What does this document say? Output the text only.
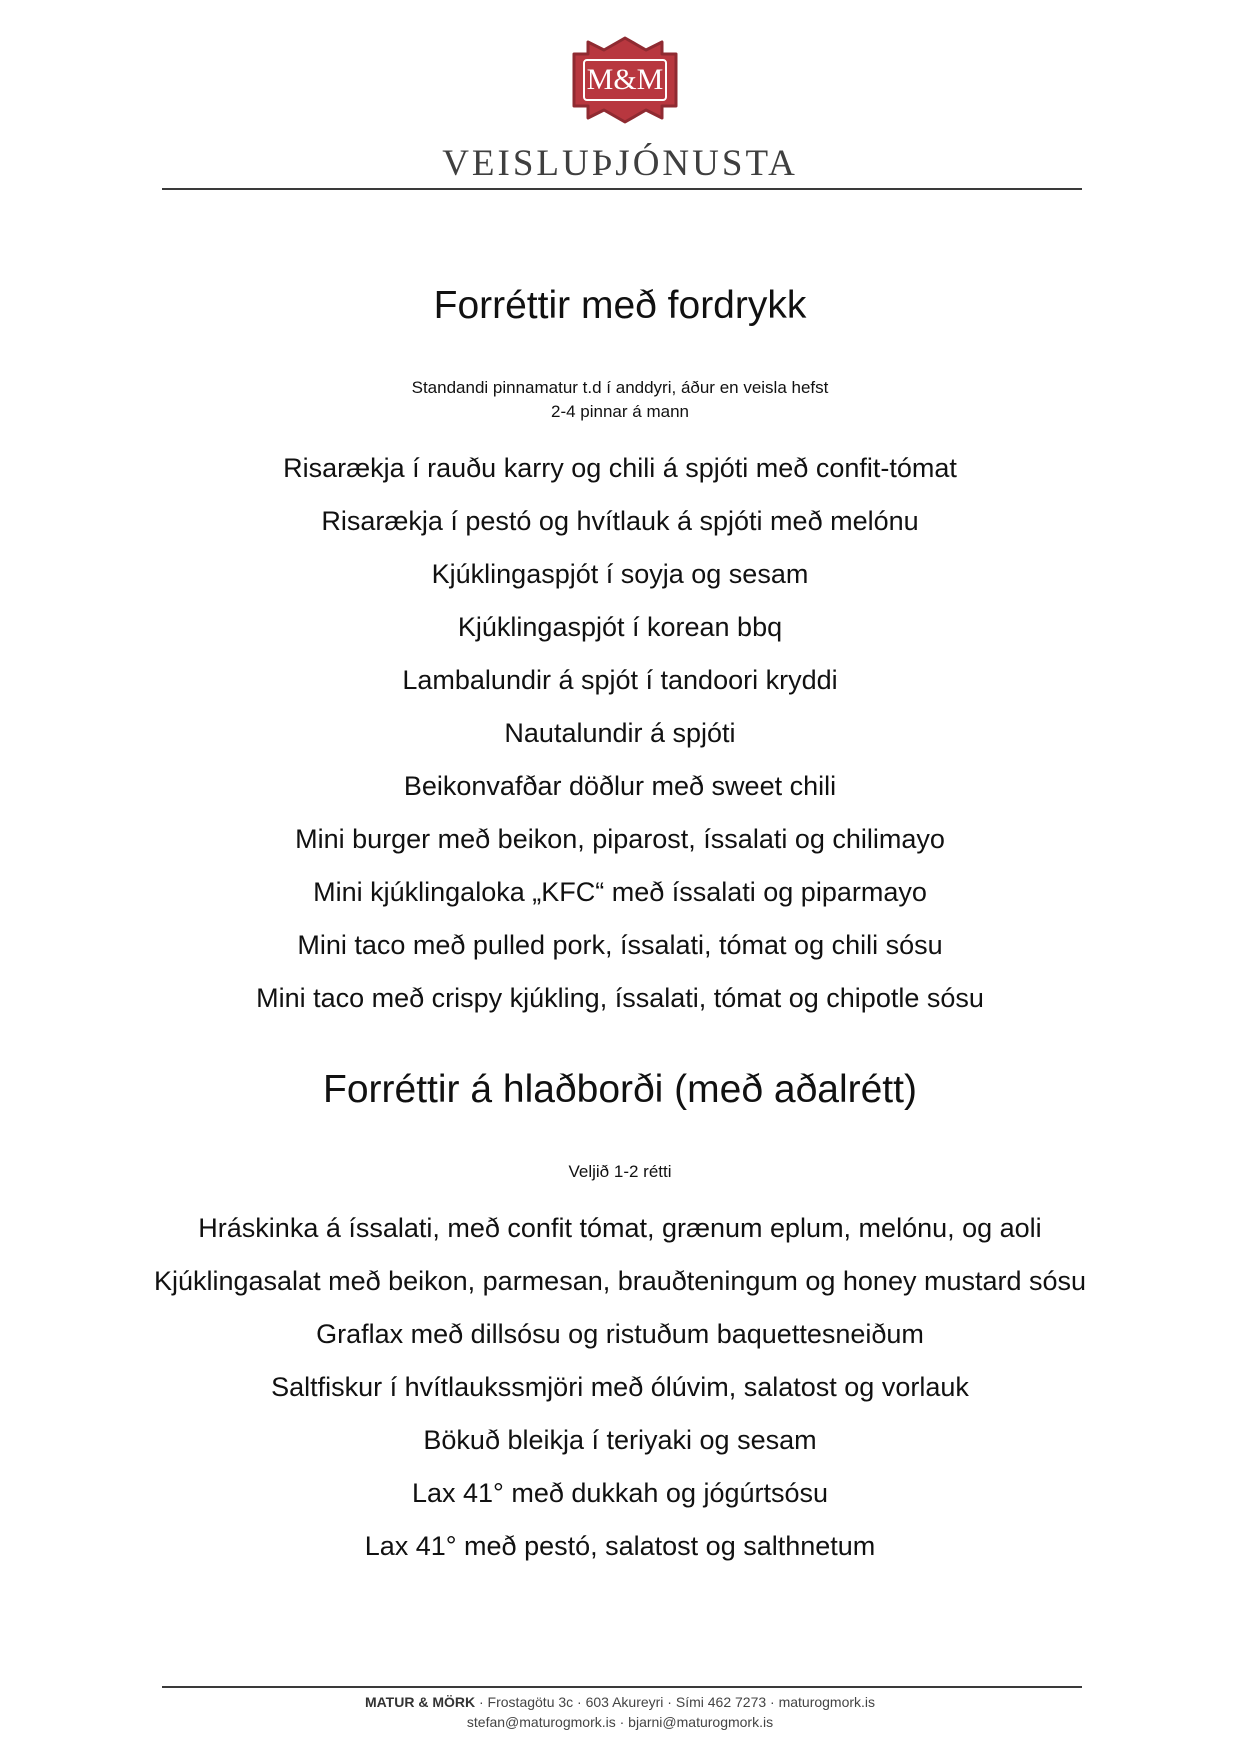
M&M
VEISLUÞJÓNUSTA
Forréttir með fordrykk
Standandi pinnamatur t.d í anddyri, áður en veisla hefst
2-4 pinnar á mann
Risarækja í rauðu karry og chili á spjóti með confit-tómat
Risarækja í pestó og hvítlauk á spjóti með melónu
Kjúklingaspjót í soyja og sesam
Kjúklingaspjót í korean bbq
Lambalundir á spjót í tandoori kryddi
Nautalundir á spjóti
Beikonvafðar döðlur með sweet chili
Mini burger með beikon, piparost, íssalati og chilimayo
Mini kjúklingaloka „KFC“ með íssalati og piparmayo
Mini taco með pulled pork, íssalati, tómat og chili sósu
Mini taco með crispy kjúkling, íssalati, tómat og chipotle sósu
Forréttir á hlaðborði (með aðalrétt)
Veljið 1-2 rétti
Hráskinka á íssalati, með confit tómat, grænum eplum, melónu, og aoli
Kjúklingasalat með beikon, parmesan, brauðteningum og honey mustard sósu
Graflax með dillsósu og ristuðum baquettesneiðum
Saltfiskur í hvítlaukssmjöri með ólúvim, salatost og vorlauk
Bökuð bleikja í teriyaki og sesam
Lax 41° með dukkah og jógúrtsósu
Lax 41° með pestó, salatost og salthnetum
MATUR & MÖRK · Frostagötu 3c · 603 Akureyri · Sími 462 7273 · maturogmork.is
stefan@maturogmork.is · bjarni@maturogmork.is
